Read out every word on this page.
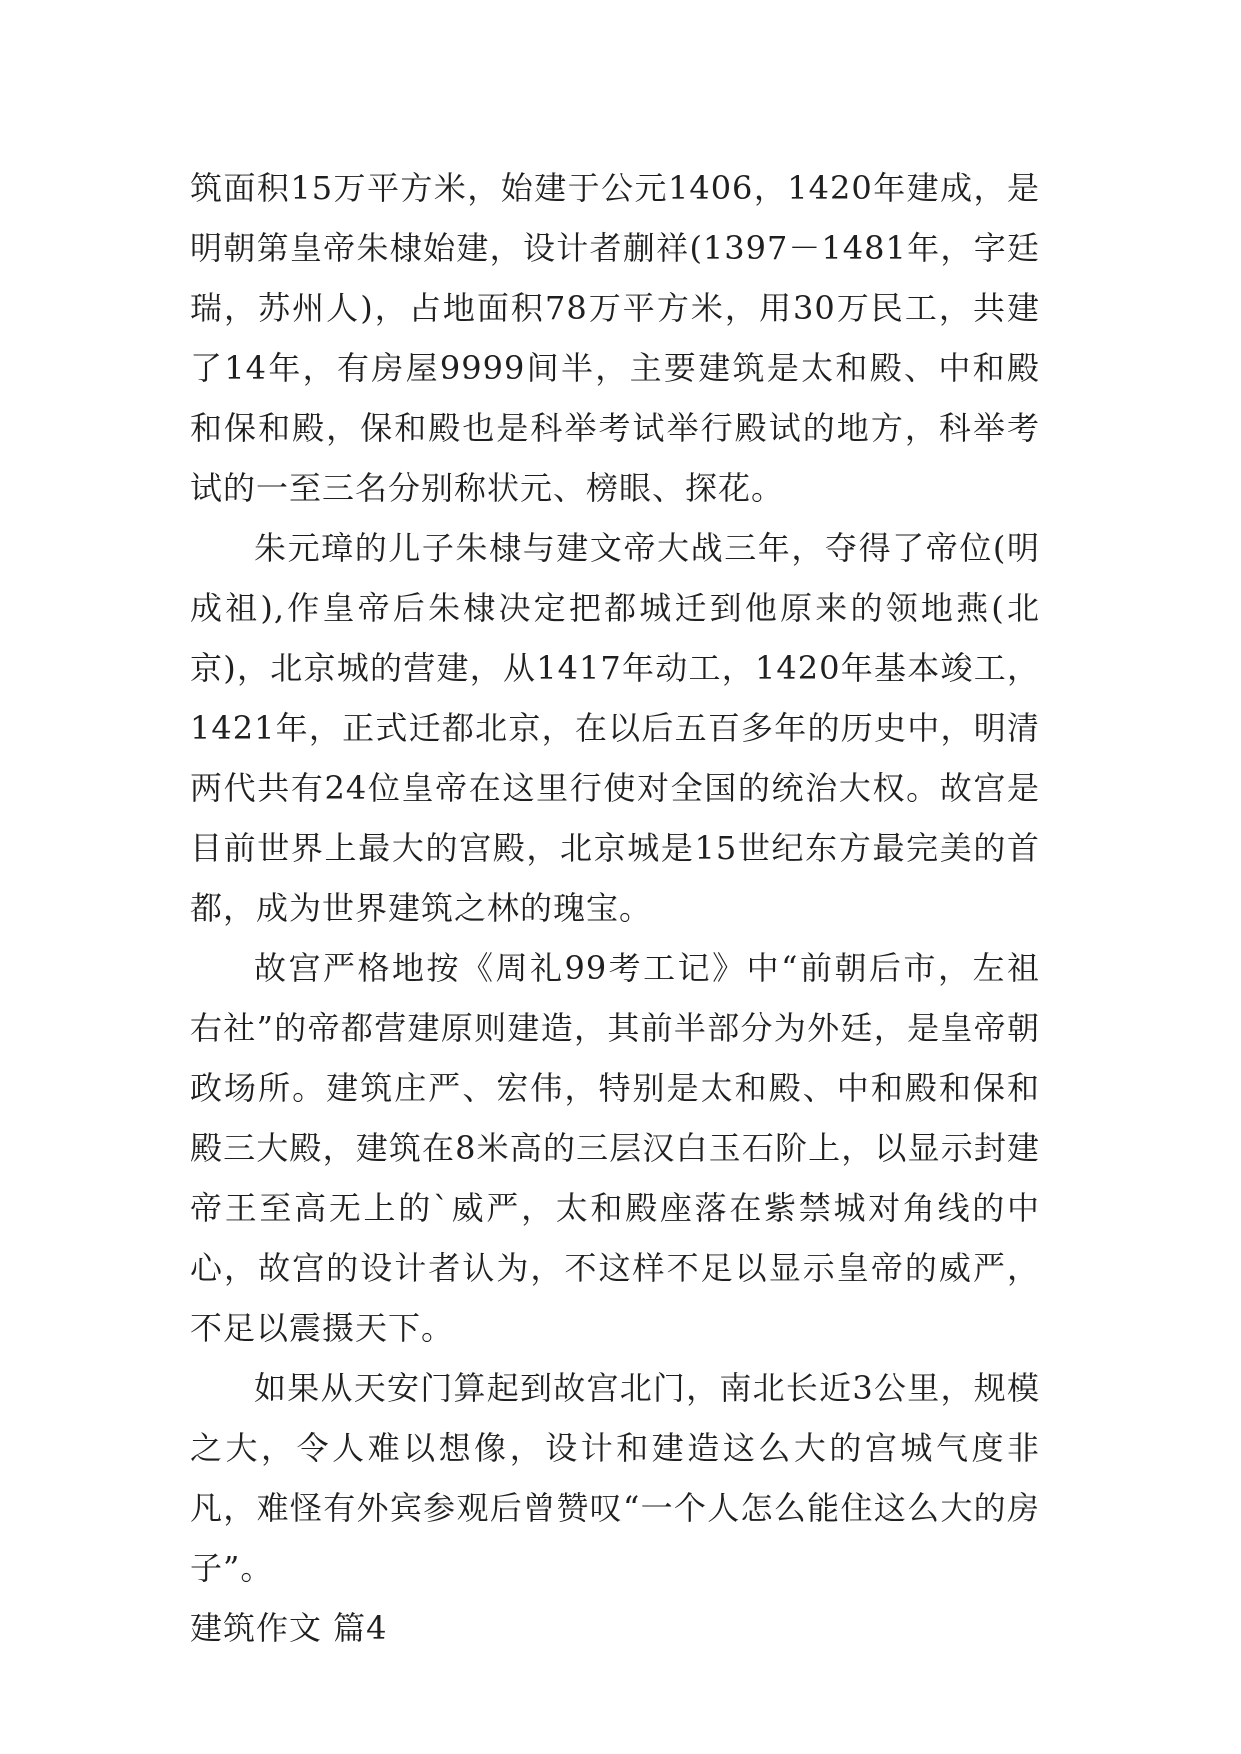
筑面积15万平方米，始建于公元1406，1420年建成，是明朝第皇帝朱棣始建，设计者蒯祥(1397－1481年，字廷瑞，苏州人)，占地面积78万平方米，用30万民工，共建了14年，有房屋9999间半，主要建筑是太和殿、中和殿和保和殿，保和殿也是科举考试举行殿试的地方，科举考试的一至三名分别称状元、榜眼、探花。

朱元璋的儿子朱棣与建文帝大战三年，夺得了帝位(明成祖),作皇帝后朱棣决定把都城迁到他原来的领地燕(北京)，北京城的营建，从1417年动工，1420年基本竣工，1421年，正式迁都北京，在以后五百多年的历史中，明清两代共有24位皇帝在这里行使对全国的统治大权。故宫是目前世界上最大的宫殿，北京城是15世纪东方最完美的首都，成为世界建筑之林的瑰宝。

故宫严格地按《周礼99考工记》中“前朝后市，左祖右社”的帝都营建原则建造，其前半部分为外廷，是皇帝朝政场所。建筑庄严、宏伟，特别是太和殿、中和殿和保和殿三大殿，建筑在8米高的三层汉白玉石阶上，以显示封建帝王至高无上的`威严，太和殿座落在紫禁城对角线的中心，故宫的设计者认为，不这样不足以显示皇帝的威严，不足以震摄天下。

如果从天安门算起到故宫北门，南北长近3公里，规模之大，令人难以想像，设计和建造这么大的宫城气度非凡，难怪有外宾参观后曾赞叹“一个人怎么能住这么大的房子”。

建筑作文 篇4
